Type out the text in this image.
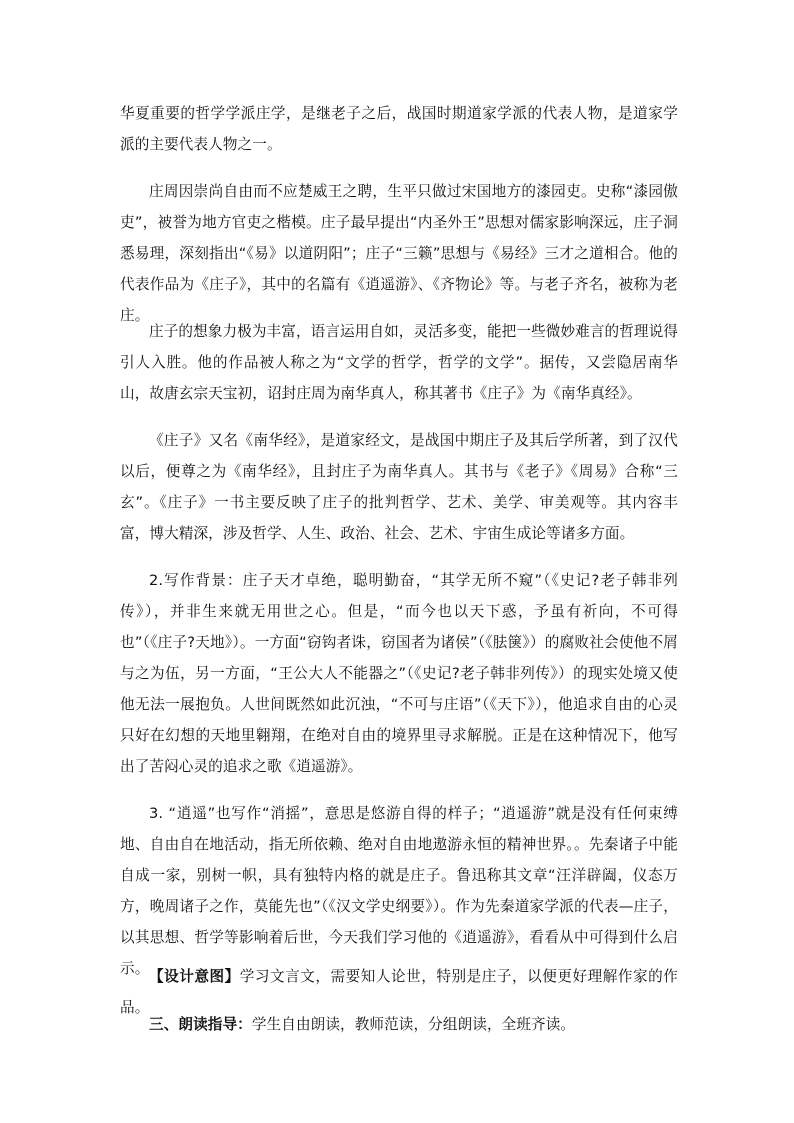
华夏重要的哲学学派庄学，是继老子之后，战国时期道家学派的代表人物，是道家学派的主要代表人物之一。

庄周因崇尚自由而不应楚威王之聘，生平只做过宋国地方的漆园吏。史称“漆园傲吏”，被誉为地方官吏之楷模。庄子最早提出“内圣外王”思想对儒家影响深远，庄子洞悉易理，深刻指出“《易》以道阴阳”；庄子“三籁”思想与《易经》三才之道相合。他的代表作品为《庄子》，其中的名篇有《逍遥游》、《齐物论》等。与老子齐名，被称为老庄。

庄子的想象力极为丰富，语言运用自如，灵活多变，能把一些微妙难言的哲理说得引人入胜。他的作品被人称之为“文学的哲学，哲学的文学”。据传，又尝隐居南华山，故唐玄宗天宝初，诏封庄周为南华真人，称其著书《庄子》为《南华真经》。

《庄子》又名《南华经》，是道家经文，是战国中期庄子及其后学所著，到了汉代以后，便尊之为《南华经》，且封庄子为南华真人。其书与《老子》《周易》合称“三玄”。《庄子》一书主要反映了庄子的批判哲学、艺术、美学、审美观等。其内容丰富，博大精深，涉及哲学、人生、政治、社会、艺术、宇宙生成论等诸多方面。

2.写作背景：庄子天才卓绝，聪明勤奋，“其学无所不窥”（《史记?老子韩非列传》），并非生来就无用世之心。但是，“而今也以天下惑，予虽有祈向，不可得也”（《庄子?天地》）。一方面“窃钩者诛，窃国者为诸侯”（《胠箧》）的腐败社会使他不屑与之为伍，另一方面，“王公大人不能器之”（《史记?老子韩非列传》）的现实处境又使他无法一展抱负。人世间既然如此沉浊，“不可与庄语”（《天下》），他追求自由的心灵只好在幻想的天地里翱翔，在绝对自由的境界里寻求解脱。正是在这种情况下，他写出了苦闷心灵的追求之歌《逍遥游》。

3. “逍遥”也写作“消摇”，意思是悠游自得的样子；“逍遥游”就是没有任何束缚地、自由自在地活动，指无所依赖、绝对自由地遨游永恒的精神世界。。先秦诸子中能自成一家，别树一帜，具有独特内格的就是庄子。鲁迅称其文章“汪洋辟阖，仪态万方，晚周诸子之作，莫能先也”（《汉文学史纲要》）。作为先秦道家学派的代表—庄子，以其思想、哲学等影响着后世，今天我们学习他的《逍遥游》，看看从中可得到什么启示。 【设计意图】学习文言文，需要知人论世，特别是庄子，以便更好理解作家的作品。

三、朗读指导：学生自由朗读，教师范读，分组朗读，全班齐读。
